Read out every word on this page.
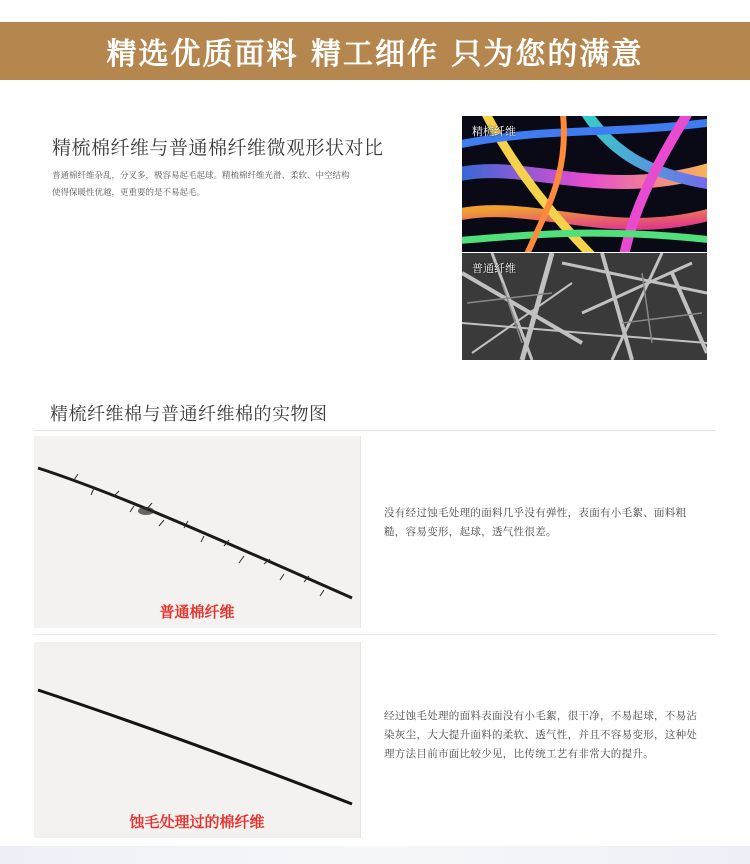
精选优质面料 精工细作 只为您的满意
精梳棉纤维与普通棉纤维微观形状对比
普通棉纤维杂乱，分叉多，极容易起毛起球。精梳棉纤维光滑、柔软、中空结构使得保暖性优越，更重要的是不易起毛。
精梳纤维
普通纤维
精梳纤维棉与普通纤维棉的实物图
普通棉纤维
没有经过蚀毛处理的面料几乎没有弹性，表面有小毛絮、面料粗糙，容易变形，起球，透气性很差。
蚀毛处理过的棉纤维
经过蚀毛处理的面料表面没有小毛絮，很干净，不易起球，不易沾染灰尘，大大提升面料的柔软、透气性，并且不容易变形，这种处理方法目前市面比较少见，比传统工艺有非常大的提升。
